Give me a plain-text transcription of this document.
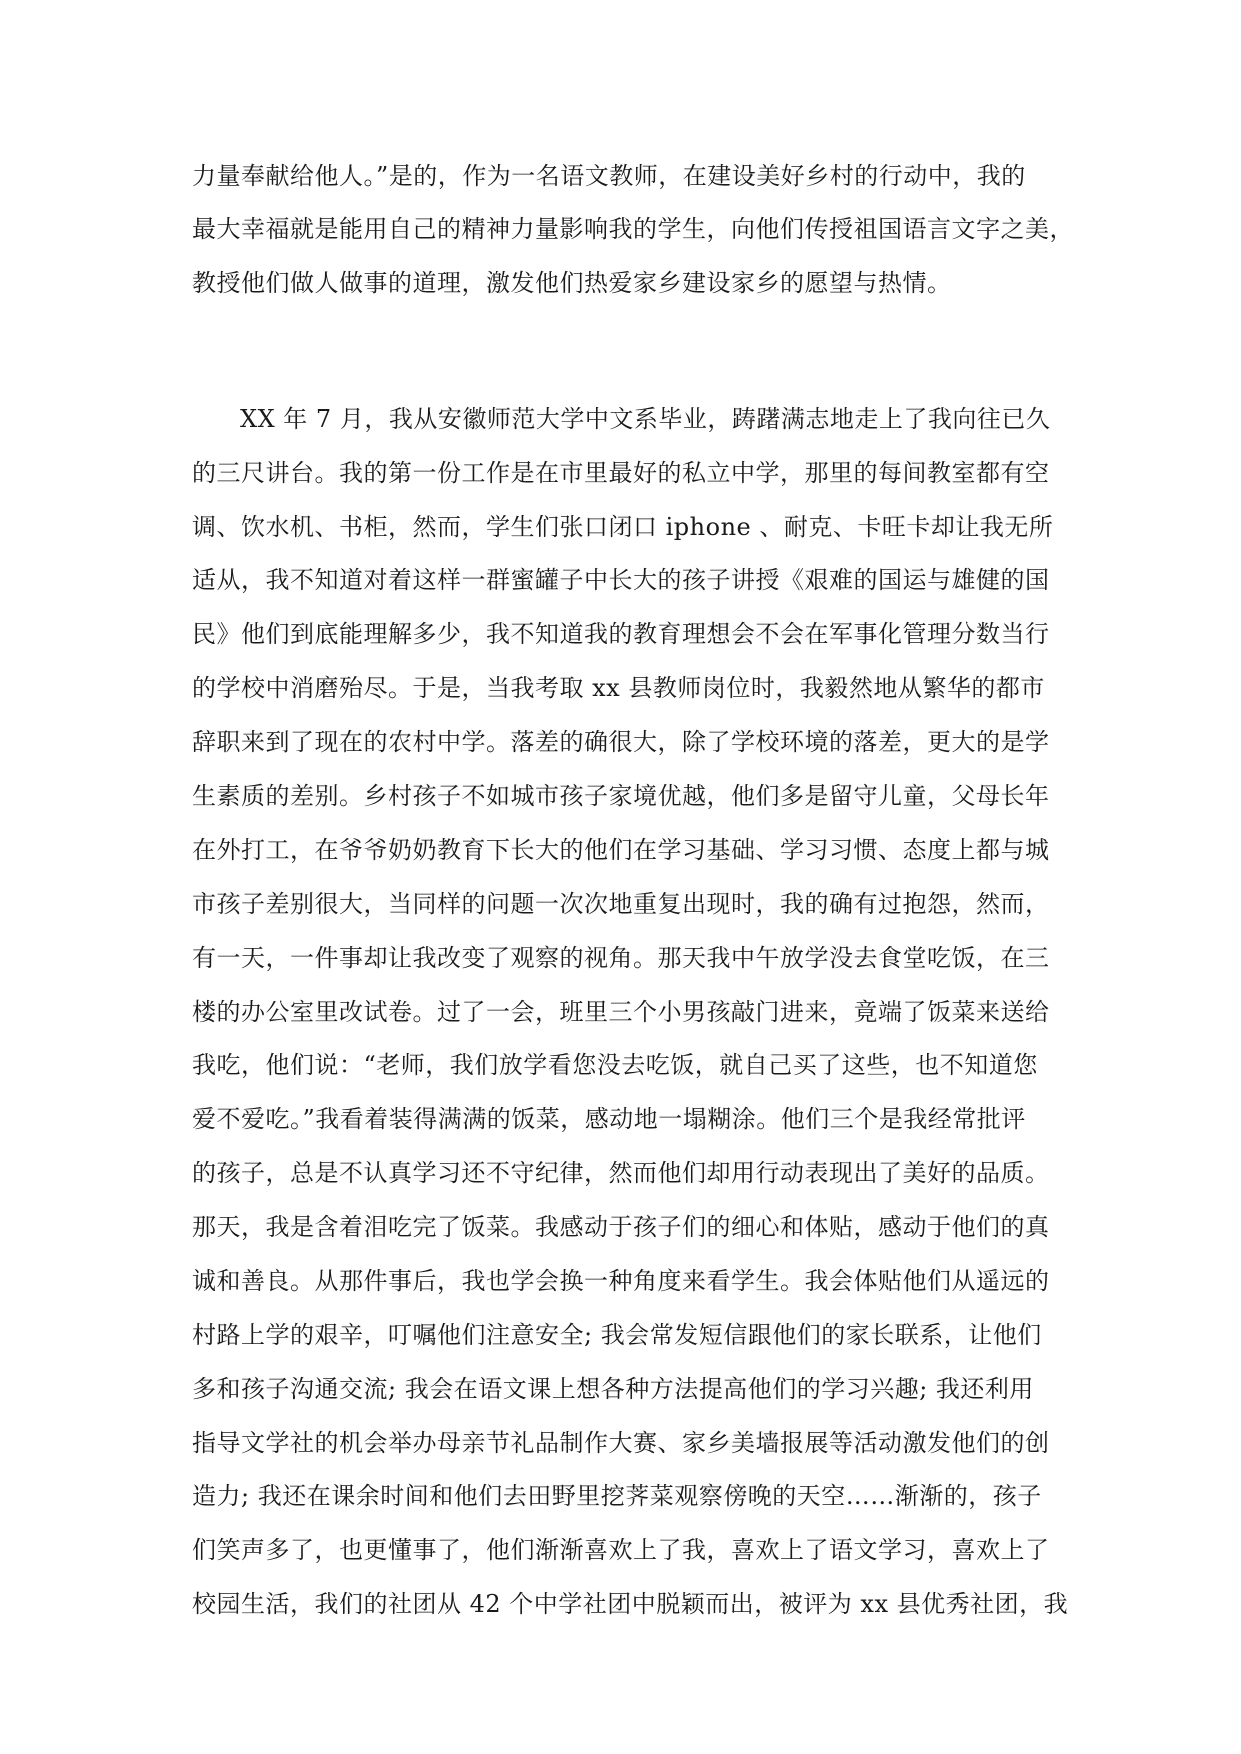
力量奉献给他人。”是的，作为一名语文教师，在建设美好乡村的行动中，我的
最大幸福就是能用自己的精神力量影响我的学生，向他们传授祖国语言文字之美，
教授他们做人做事的道理，激发他们热爱家乡建设家乡的愿望与热情。
XX 年 7 月，我从安徽师范大学中文系毕业，踌躇满志地走上了我向往已久
的三尺讲台。我的第一份工作是在市里最好的私立中学，那里的每间教室都有空
调、饮水机、书柜，然而，学生们张口闭口 iphone 、耐克、卡旺卡却让我无所
适从，我不知道对着这样一群蜜罐子中长大的孩子讲授《艰难的国运与雄健的国
民》他们到底能理解多少，我不知道我的教育理想会不会在军事化管理分数当行
的学校中消磨殆尽。于是，当我考取 xx 县教师岗位时，我毅然地从繁华的都市
辞职来到了现在的农村中学。落差的确很大，除了学校环境的落差，更大的是学
生素质的差别。乡村孩子不如城市孩子家境优越，他们多是留守儿童，父母长年
在外打工，在爷爷奶奶教育下长大的他们在学习基础、学习习惯、态度上都与城
市孩子差别很大，当同样的问题一次次地重复出现时，我的确有过抱怨，然而，
有一天，一件事却让我改变了观察的视角。那天我中午放学没去食堂吃饭，在三
楼的办公室里改试卷。过了一会，班里三个小男孩敲门进来，竟端了饭菜来送给
我吃，他们说：“老师，我们放学看您没去吃饭，就自己买了这些，也不知道您
爱不爱吃。”我看着装得满满的饭菜，感动地一塌糊涂。他们三个是我经常批评
的孩子，总是不认真学习还不守纪律，然而他们却用行动表现出了美好的品质。
那天，我是含着泪吃完了饭菜。我感动于孩子们的细心和体贴，感动于他们的真
诚和善良。从那件事后，我也学会换一种角度来看学生。我会体贴他们从遥远的
村路上学的艰辛，叮嘱他们注意安全; 我会常发短信跟他们的家长联系，让他们
多和孩子沟通交流; 我会在语文课上想各种方法提高他们的学习兴趣; 我还利用
指导文学社的机会举办母亲节礼品制作大赛、家乡美墙报展等活动激发他们的创
造力; 我还在课余时间和他们去田野里挖荠菜观察傍晚的天空……渐渐的，孩子
们笑声多了，也更懂事了，他们渐渐喜欢上了我，喜欢上了语文学习，喜欢上了
校园生活，我们的社团从 42 个中学社团中脱颖而出，被评为 xx 县优秀社团，我
